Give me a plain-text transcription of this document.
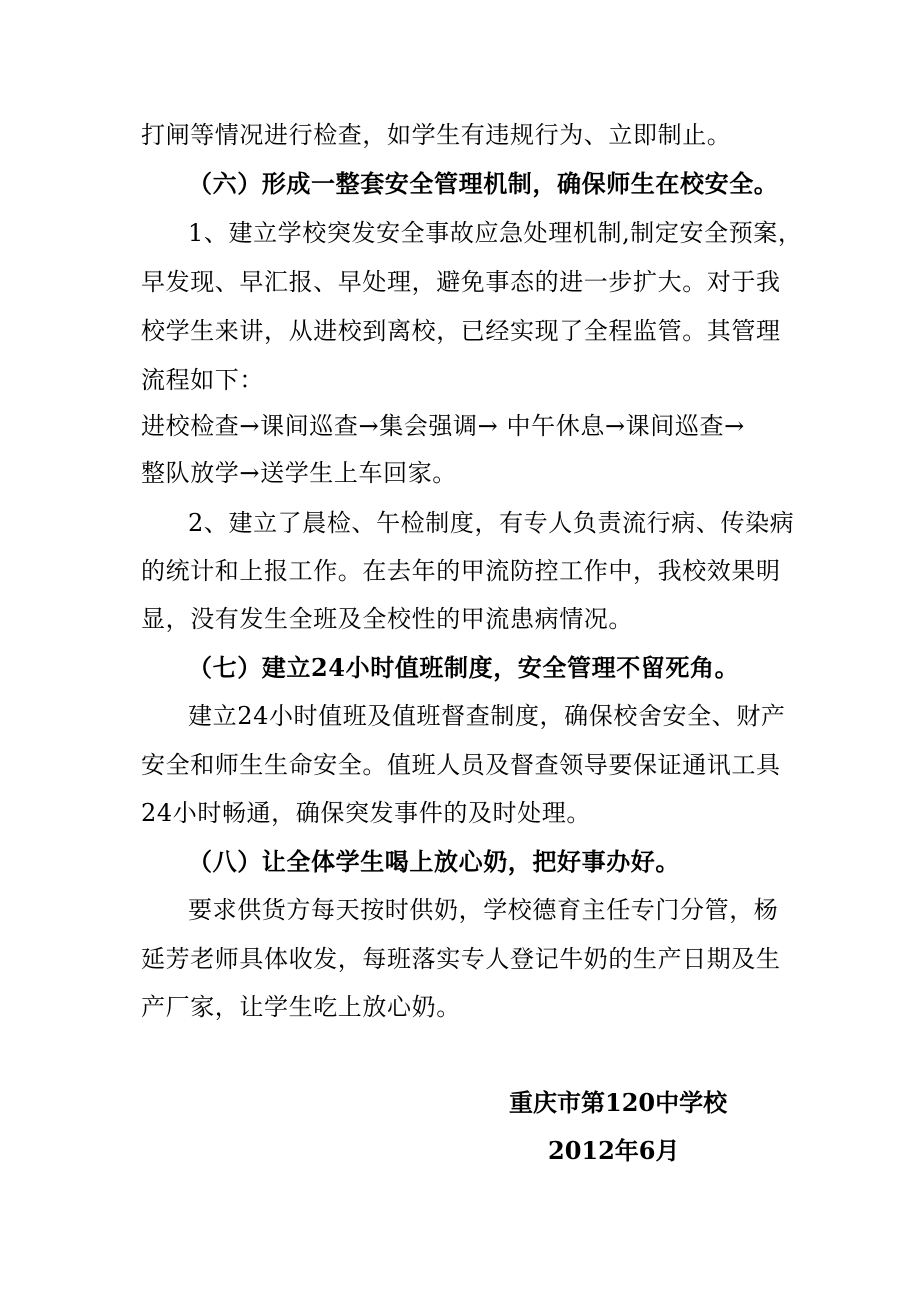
打闸等情况进行检查，如学生有违规行为、立即制止。
（六）形成一整套安全管理机制，确保师生在校安全。
1、建立学校突发安全事故应急处理机制,制定安全预案，
早发现、早汇报、早处理，避免事态的进一步扩大。对于我
校学生来讲，从进校到离校，已经实现了全程监管。其管理
流程如下：
进校检查→课间巡查→集会强调→ 中午休息→课间巡查→
整队放学→送学生上车回家。
2、建立了晨检、午检制度，有专人负责流行病、传染病
的统计和上报工作。在去年的甲流防控工作中，我校效果明
显，没有发生全班及全校性的甲流患病情况。
（七）建立24小时值班制度，安全管理不留死角。
建立24小时值班及值班督查制度，确保校舍安全、财产
安全和师生生命安全。值班人员及督查领导要保证通讯工具
24小时畅通，确保突发事件的及时处理。
（八）让全体学生喝上放心奶，把好事办好。
要求供货方每天按时供奶，学校德育主任专门分管，杨
延芳老师具体收发，每班落实专人登记牛奶的生产日期及生
产厂家，让学生吃上放心奶。
重庆市第120中学校
2012年6月
